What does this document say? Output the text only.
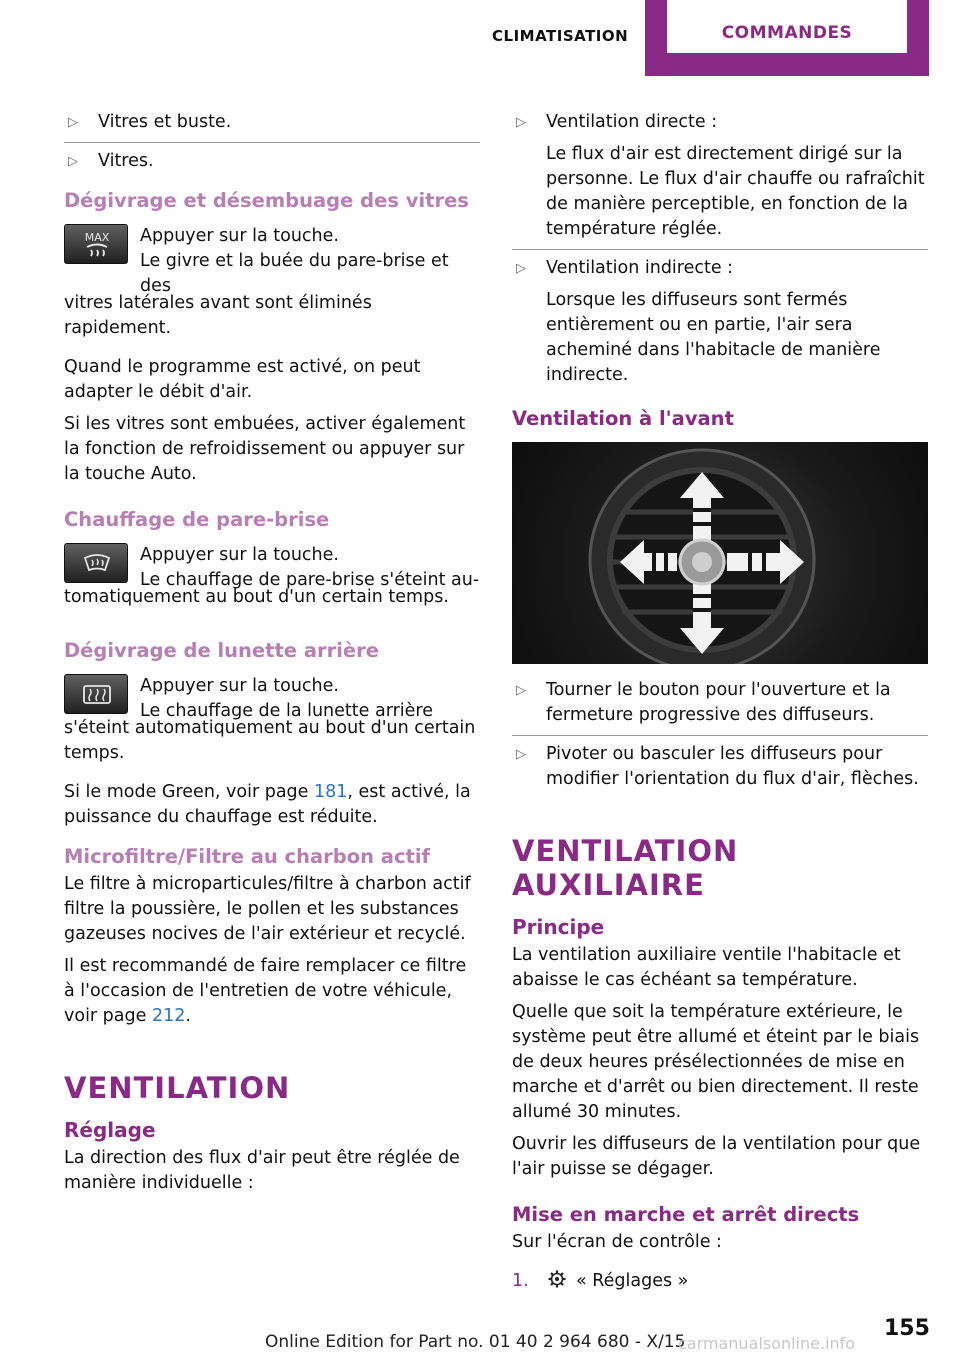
CLIMATISATION	COMMANDES
▷ Vitres et buste.
▷ Vitres.
Dégivrage et désembuage des vitres
MAX Appuyer sur la touche.
Le givre et la buée du pare-brise et des
vitres latérales avant sont éliminés rapidement.
Quand le programme est activé, on peut adapter le débit d'air.
Si les vitres sont embuées, activer également la fonction de refroidissement ou appuyer sur la touche Auto.
Chauffage de pare-brise
Appuyer sur la touche.
Le chauffage de pare-brise s'éteint au-
tomatiquement au bout d'un certain temps.
Dégivrage de lunette arrière
Appuyer sur la touche.
Le chauffage de la lunette arrière
s'éteint automatiquement au bout d'un certain temps.
Si le mode Green, voir page 181, est activé, la puissance du chauffage est réduite.
Microfiltre/Filtre au charbon actif
Le filtre à microparticules/filtre à charbon actif filtre la poussière, le pollen et les substances gazeuses nocives de l'air extérieur et recyclé.
Il est recommandé de faire remplacer ce filtre à l'occasion de l'entretien de votre véhicule, voir page 212.
VENTILATION
Réglage
La direction des flux d'air peut être réglée de manière individuelle :
▷ Ventilation directe :
Le flux d'air est directement dirigé sur la personne. Le flux d'air chauffe ou rafraîchit de manière perceptible, en fonction de la température réglée.
▷ Ventilation indirecte :
Lorsque les diffuseurs sont fermés entièrement ou en partie, l'air sera acheminé dans l'habitacle de manière indirecte.
Ventilation à l'avant
▷ Tourner le bouton pour l'ouverture et la fermeture progressive des diffuseurs.
▷ Pivoter ou basculer les diffuseurs pour modifier l'orientation du flux d'air, flèches.
VENTILATION AUXILIAIRE
Principe
La ventilation auxiliaire ventile l'habitacle et abaisse le cas échéant sa température.
Quelle que soit la température extérieure, le système peut être allumé et éteint par le biais de deux heures présélectionnées de mise en marche et d'arrêt ou bien directement. Il reste allumé 30 minutes.
Ouvrir les diffuseurs de la ventilation pour que l'air puisse se dégager.
Mise en marche et arrêt directs
Sur l'écran de contrôle :
1.	« Réglages »
155
Online Edition for Part no. 01 40 2 964 680 - X/15
carmanualsonline.info
